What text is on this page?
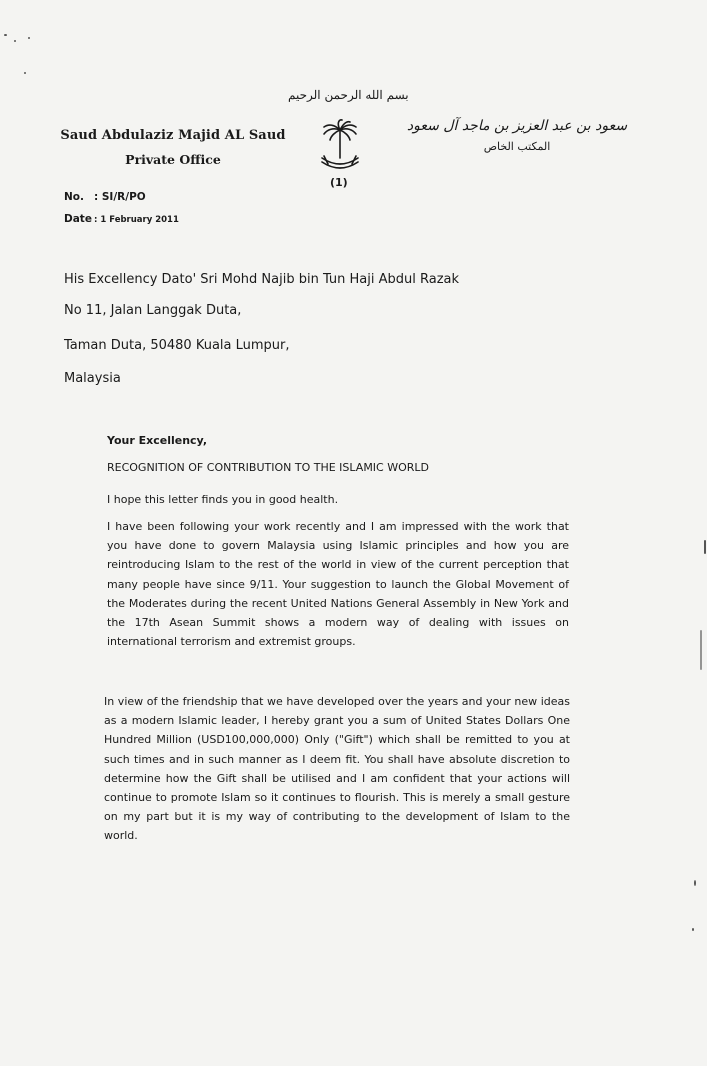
بسم الله الرحمن الرحيم
Saud Abdulaziz Majid AL Saud
Private Office
(1)
سعود بن عبد العزيز بن ماجد آل سعود
المكتب الخاص
No. : SI/R/PO
Date : 1 February 2011
His Excellency Dato' Sri Mohd Najib bin Tun Haji Abdul Razak
No 11, Jalan Langgak Duta,
Taman Duta, 50480 Kuala Lumpur,
Malaysia
Your Excellency,
RECOGNITION OF CONTRIBUTION TO THE ISLAMIC WORLD
I hope this letter finds you in good health.
I have been following your work recently and I am impressed with the work that you have done to govern Malaysia using Islamic principles and how you are reintroducing Islam to the rest of the world in view of the current perception that many people have since 9/11. Your suggestion to launch the Global Movement of the Moderates during the recent United Nations General Assembly in New York and the 17th Asean Summit shows a modern way of dealing with issues on international terrorism and extremist groups.
In view of the friendship that we have developed over the years and your new ideas as a modern Islamic leader, I hereby grant you a sum of United States Dollars One Hundred Million (USD100,000,000) Only ("Gift") which shall be remitted to you at such times and in such manner as I deem fit. You shall have absolute discretion to determine how the Gift shall be utilised and I am confident that your actions will continue to promote Islam so it continues to flourish. This is merely a small gesture on my part but it is my way of contributing to the development of Islam to the world.
